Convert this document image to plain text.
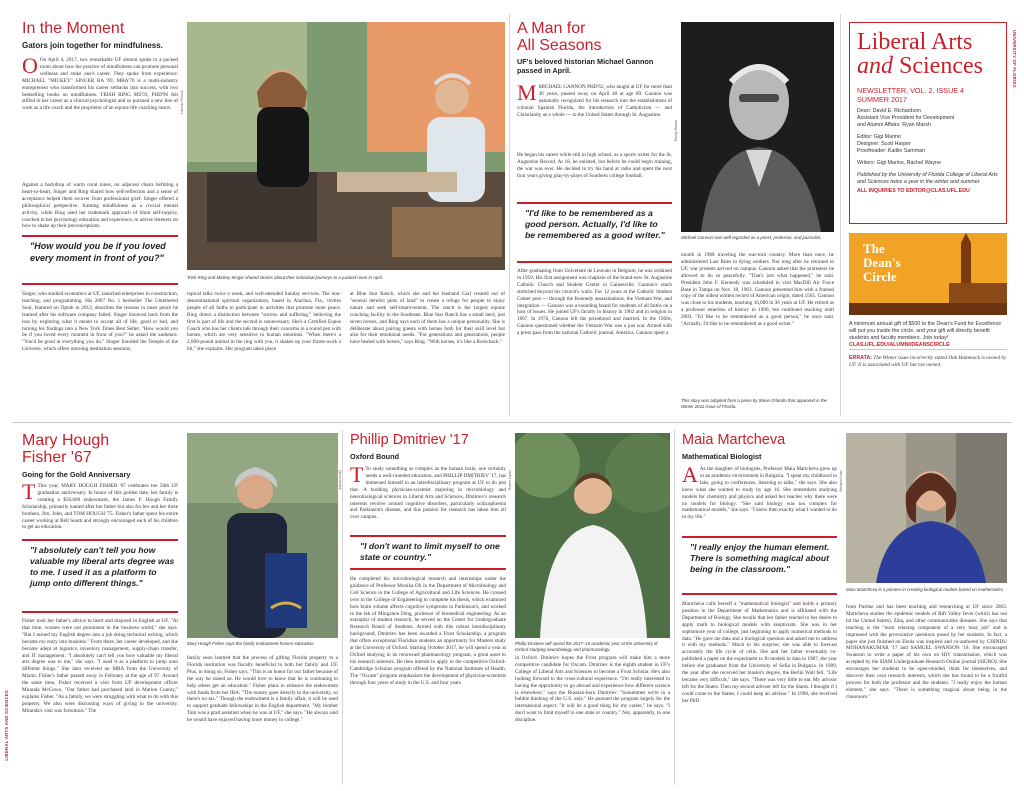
UNIVERSITY OF FLORIDA
LIBERAL ARTS AND SCIENCES
In the Moment
Gators join together for mindfulness.
O On April 4, 2017, two remarkable UF alumni spoke to a packed room about how the practice of mindfulness can promote personal wellness and stoke one's career. They spoke from experience: MICHAEL "MICKEY" SINGER BA '69, MBA'70 is a multi-industry entrepreneur who transformed his career setbacks into success, with two bestselling books on mindfulness. TRISH RING MS'93, PHD'96 felt stifled in her career as a clinical psychologist and so pursued a new line of work as a life coach and the proprietor of an equine life coaching ranch.
Against a backdrop of warm coral tones, on adjacent chairs befitting a heart-to-heart, Singer and Ring shared how self-reflection and a sense of acceptance helped them recover from professional grief. Singer offered a philosophical perspective, framing mindfulness as a crucial mental activity, while Ring used her trademark approach of blunt self-inquiry, couched in her psychology education and experience, to advise listeners on how to shake up their preconceptions.
"How would you be if you loved every moment in front of you?"
Singer, who studied economics at UF, launched enterprises in construction, teaching, and programming. His 2007 No. 1 bestseller The Untethered Soul, featured on Oprah in 2012, describes the lessons in inner peace he learned after his software company failed. Singer bounced back from the loss by exploring what it meant to accept all of life, good or bad, and turning his findings into a New York Times Best Seller. "How would you be if you loved every moment in front of you?" he asked the audience. "You'd be good at everything you do." Singer founded the Temple of the Universe, which offers morning meditation sessions,
topical talks twice a week, and well-attended Sunday services. The non-denominational spiritual organization, based in Alachua, Fla., invites people of all faiths to participate in activities that promote inner peace. Ring draws a distinction between "sorrow and suffering," believing the first is part of life and the second is unnecessary. She's a Certified Equus Coach who has her clients talk through their concerns in a round pen with horses, which are very sensitive to human emotions. "When there's a 2,000-pound animal in the ring with you, it shakes up your frame-work a bit," she explains. Her program takes place
at Blue Star Ranch, which she and her husband Carl created out of "several derelict plots of land" to create a refuge for people to enjoy nature and seek self-improvement. The ranch is the largest equine coaching facility in the Southeast. Blue Star Ranch has a small herd, just seven horses, and Ring says each of them has a unique personality. She is deliberate about pairing guests with horses both for their skill level but also for their emotional needs. "For generations and generations, people have healed with horses," says Ring. "With horses, it's like a Rorschach."
Hannah Pollock
Trish Ring and Mickey Singer shared stories about their individual journeys to a packed room in April.
A Man for
All Seasons
UF's beloved historian Michael Gannon passed in April.
MMICHAEL GANNON PHD'62, who taught at UF for more than 30 years, passed away on April 40 at age 89. Gannon was nationally recognized for his research into the establishment of colonial Spanish Florida, the introduction of Catholicism — and Christianity as a whole — to the United States through St. Augustine.
He began his career while still in high school, as a sports writer for the St. Augustine Record. At 18, he enlisted, but before he could begin training, the war was over. He decided to try his hand at radio and spent the next four years giving play-by-plays of Southern college football.
"I'd like to be remembered as a good person. Actually, I'd like to be remembered as a good writer."
After graduating from Université de Louvain in Belgium, he was ordained in 1959. His first assignment was chaplain of the brand-new St. Augustine Catholic Church and Student Center in Gainesville. Gannon's reach stretched beyond his church's walls. For 12 years at the Catholic Student Center post — through the Kennedy assassinations, the Vietnam War, and integration — Gannon was a sounding board for students of all faiths on a host of issues. He joined UF's faculty in history in 1962 and in religion in 1967. In 1976, Gannon left the priesthood and married. In the 1960s, Gannon questioned whether the Vietnam War was a just war. Armed with a press pass from the national Catholic journal, America, Gannon spent a
month in 1968 traveling the war-torn country. More than once, he administered Last Rites to dying soldiers. Not long after he returned to UF, war protests arrived on campus. Gannon asked that the protesters be allowed to do so peacefully. "That's just what happened," he said. President John F. Kennedy was scheduled to visit MacDill Air Force Base in Tampa on Nov. 18, 1963. Gannon presented him with a framed copy of the oldest written record of American origin, dated 1565. Gannon was close to his students, teaching 16,000 in 36 years at UF. He retired as a professor emeritus of history in 1990, but continued teaching until 2003. "I'd like to be remembered as a good person," he once said. "Actually, I'd like to be remembered as a good writer."
This story was adapted from a piece by Steve Orlando that appeared in the Winter 2011 issue of Florida.
Randy Batista
Michael Gannon was well regarded as a priest, professor, and journalist.
Liberal Arts
and Sciences
NEWSLETTER, VOL. 2, ISSUE 4
SUMMER 2017
Dean: David E. Richardson
Assistant Vice President for Development
and Alumni Affairs: Ryan Marsh
Editor: Gigi Marino
Designer: Scott Harper
Proofreader: Kaitlin Samman
Writers: Gigi Marino, Rachel Wayne
Published by the University of Florida College of Liberal Arts and Sciences twice a year in the winter and summer.
ALL INQUIRIES TO EDITOR@CLAS.UFL.EDU
The
Dean's
Circle
A minimum annual gift of $500 to the Dean's Fund for Excellence will put you inside the circle, and your gift will directly benefit students and faculty members. Join today! CLAS.UFL.EDU/ALUMNI/DEANSCIRCLE
ERRATA: The Winter issue incorrectly stated Oak Hammock is owned by UF. It is associated with UF but not owned.
Mary Hough
Fisher '67
Going for the Gold Anniversary
T This year, MARY HOUGH FISHER '67 celebrates her 50th UF graduation anniversary. In honor of this golden date, her family is creating a $50,000 endowment, the James F. Hough Family Scholarship, primarily named after her father but also for her and her three brothers, Jim, John, and TOM HOUGH '75. Fisher's father spent his entire career working at Bell South and strongly encouraged each of his children to get an education.
"I absolutely can't tell you how valuable my liberal arts degree was to me. I used it as a platform to jump onto different things."
Fisher took her father's advice to heart and majored in English at UF. "At that time, women were not prominent in the business world," she says. "But I turned my English degree into a job doing technical writing, which became my entry into business." From there, her career developed, and she became adept at logistics, inventory management, supply-chain transfer, and IT management. "I absolutely can't tell you how valuable my liberal arts degree was to me," she says. "I used it as a platform to jump onto different things." She later received an MBA from the University of Miami. Fisher's father passed away in February at the age of 97. Around the same time, Fisher received a visit from UF development officer Miranda McCown. "Our father had purchased land in Marion County," explains Fisher. "As a family, we were struggling with what to do with this property. We also were discussing ways of giving to the university. Miranda's visit was fortuitous." The
family soon learned that the process of gifting Florida property to a Florida institution was fiscally beneficial to both her family and UF. Plus, in doing so, Fisher says, "This is an honor for our father because of the way he raised us. He would love to know that he is continuing to help others get an education." Fisher plans to enhance the endowment with funds from her IRA: "The money goes directly to the university, so there's no tax." Though the endowment is a family affair, it will be used to support graduate fellowships in the English department. "My brother Tom was a grad assistant when he was at UF," she says. "He always said he would have enjoyed having more money in college."
Olivia Sewell
Mary Hough Fisher says the family endowment honors education.
Phillip Dmitriev '17
Oxford Bound
T To study something as complex as the human brain, one certainly needs a well-rounded education, and PHILLIP DMITRIEV '17, has immersed himself in an interdisciplinary program at UF to do just that. A budding physician-scientist majoring in microbiology and neurobiological sciences in Liberal Arts and Sciences, Dmitriev's research interests revolve around cognitive disorders, particularly schizophrenia and Parkinson's disease, and this passion for research has taken him all over campus.
"I don't want to limit myself to one state or country."
He completed his microbiological research and internships under the guidance of Professor Monika Oli in the Department of Microbiology and Cell Science in the College of Agricultural and Life Sciences. He crossed over to the College of Engineering to complete his thesis, which examined how brain volume affects cognitive symptoms in Parkinson's, and worked in the lab of Mingzhou Ding, professor of biomedical engineering. As an exemplar of student research, he served on the Center for Undergraduate Research Board of Students. Armed with this robust interdisciplinary background, Dmitriev has been awarded a Frost Scholarship, a program that offers exceptional Floridian students an opportunity for Masters study at the University of Oxford. Starting October 2017, he will spend a year at Oxford studying in its renowned pharmacology program, a great asset to his research interests. He then intends to apply to the competitive Oxford-Cambridge Scholars program offered by the National Institutes of Health. The "Oxcam" program emphasizes the development of physician-scientists through four years of study in the U.S. and four years
in Oxford. Dmitriev hopes the Frost program will make him a more competitive candidate for Oxcam. Dmitriev is the eighth student in UF's College of Liberal Arts and Sciences to become a Frost Scholar. He's also looking forward to the cross-cultural experience. "I'm really interested in having the opportunity to go abroad and experience how different science is elsewhere," says the Russian-born Dmitriev. "Sometimes we're in a bubble thinking of the U.S. only." He pursued the program largely for the international aspect. "It will be a good thing for my career," he says. "I don't want to limit myself to one state or country." Nor, apparently, to one discipline.
Robert Lopez
Phillip Dmitriev will spend the 2017–18 academic year at the University of Oxford studying neurobiology and pharmacology.
Maia Martcheva
Mathematical Biologist
A As the daughter of biologists, Professor Maia Martcheva grew up in an academic environment in Bulgaria. "I spent my childhood in labs, going to conferences, listening to talks," she says. She also knew what she wanted to study by age 16. She remembers studying models for chemistry and physics and asked her teacher why there were no models for biology. "She said biology was too complex for mathematical models," she says. "I knew then exactly what I wanted to do in my life."
"I really enjoy the human element. There is something magical about being in the classroom."
Martcheva calls herself a "mathematical biologist" and holds a primary position in the Department of Mathematics and is affiliated with the Department of Biology. She recalls that her father reacted to her desire to apply math to biological models with skepticism. She was in her sophomore year of college, just beginning to apply numerical methods to data. "He gave me data and a biological question and asked me to address it with my methods." Much to his surprise, she was able to forecast accurately the life cycle of cells. She and her father eventually co-published a paper on the experiment to fit models to data in 1987, the year before she graduated from the University of Sofia in Bulgaria. In 1989, the year after she received her master's degree, the Berlin Wall fell. "Life became very difficult," she says. "There was very little to eat. My advisor left for the States. Then my second advisor left for the States. I thought if I could come to the States, I could keep an advisor." In 1998, she received her PhD
from Purdue and has been teaching and researching at UF since 2003. Martcheva studies the epidemic models of Rift Valley fever (which has not hit the United States), Zika, and other communicable diseases. She says that teaching is the "most relaxing component of a very busy job" and is impressed with the provocative questions posed by her students. In fact, a paper she just finished on Ebola was inspired and co-authored by CHINDU MOHANAKUMAR '17 and SAMUEL SWANSON '18. She encouraged Swanson to write a paper of his own on HIV transmission, which was accepted by the SIAM Undergraduate Research Online journal (SIURO). She encourages her students to be open-minded, think for themselves, and discover their own research interests, which she has found to be a fruitful process for both the professor and the students. "I really enjoy the human element," she says. "There is something magical about being in the classroom."
Barbara Kubis
Maia Martcheva is a pioneer in creating biological models based on mathematics.
